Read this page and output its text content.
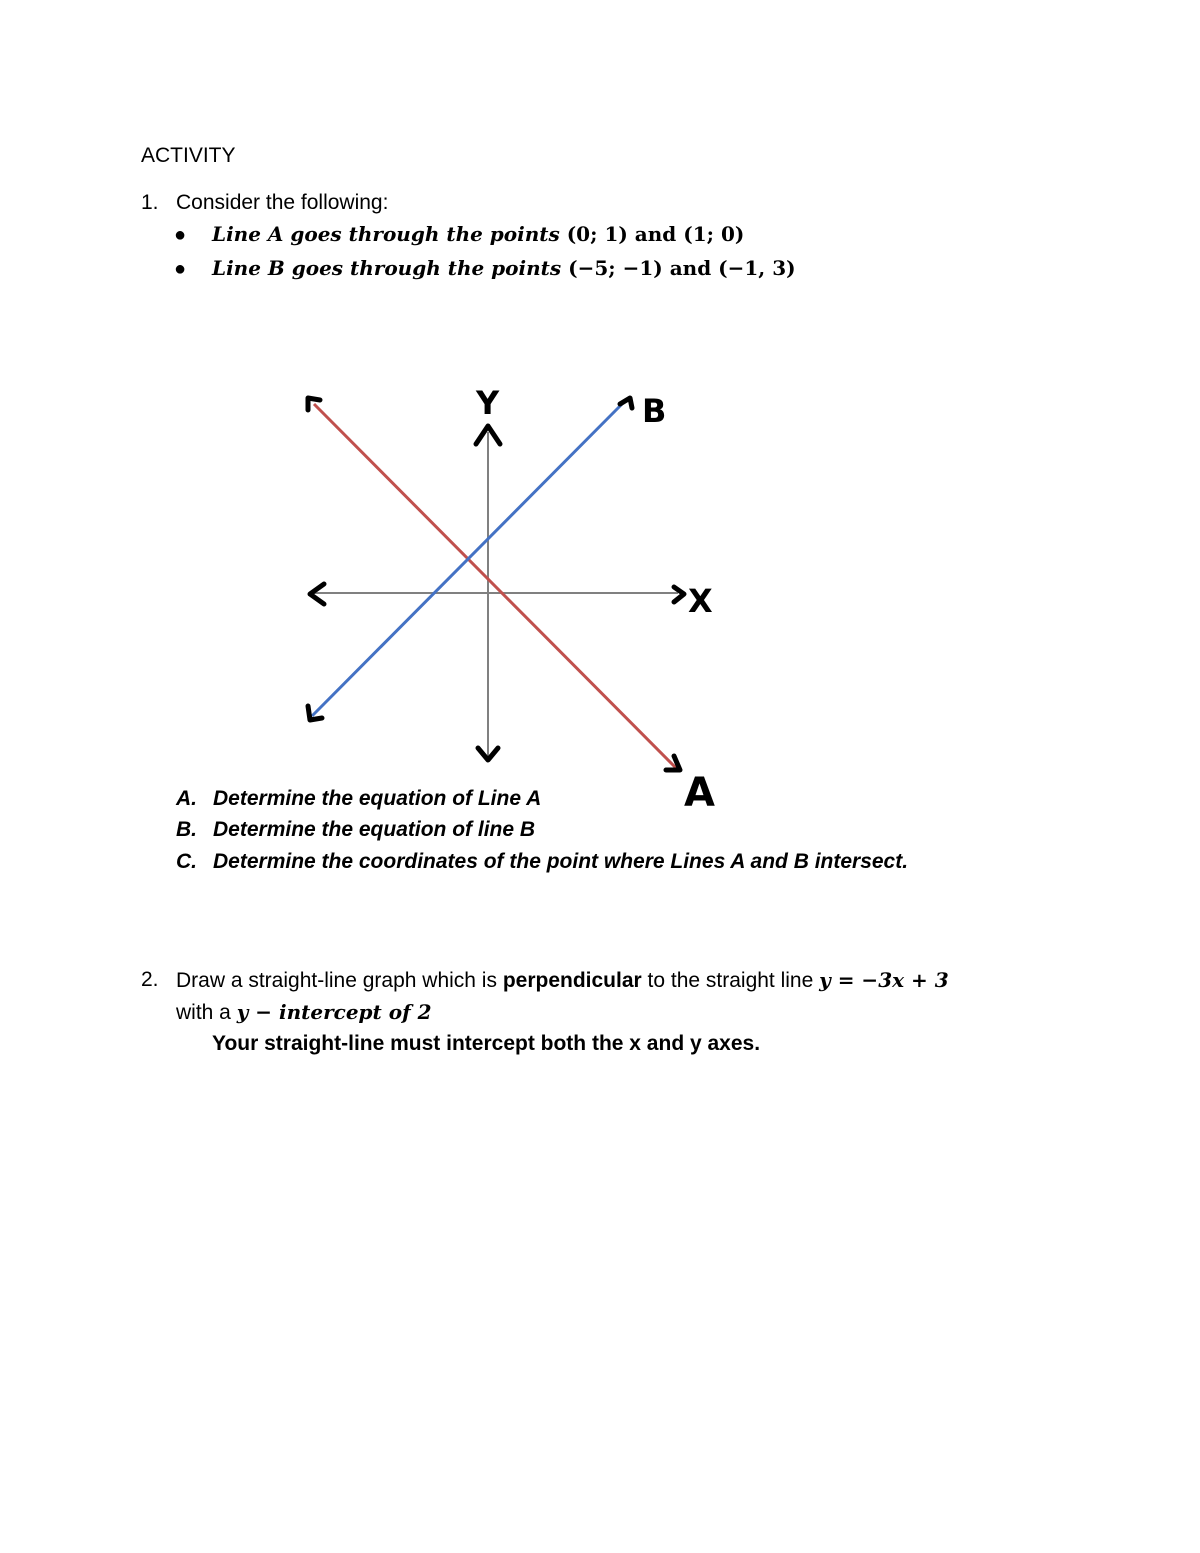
ACTIVITY
1. Consider the following:
● Line A goes through the points (0; 1) and (1; 0)
● Line B goes through the points (−5; −1) and (−1, 3)
Y
X
B
A
A. Determine the equation of Line A
B. Determine the equation of line B
C. Determine the coordinates of the point where Lines A and B intersect.
2. Draw a straight-line graph which is perpendicular to the straight line y = −3x + 3
with a y − intercept of 2
Your straight-line must intercept both the x and y axes.
